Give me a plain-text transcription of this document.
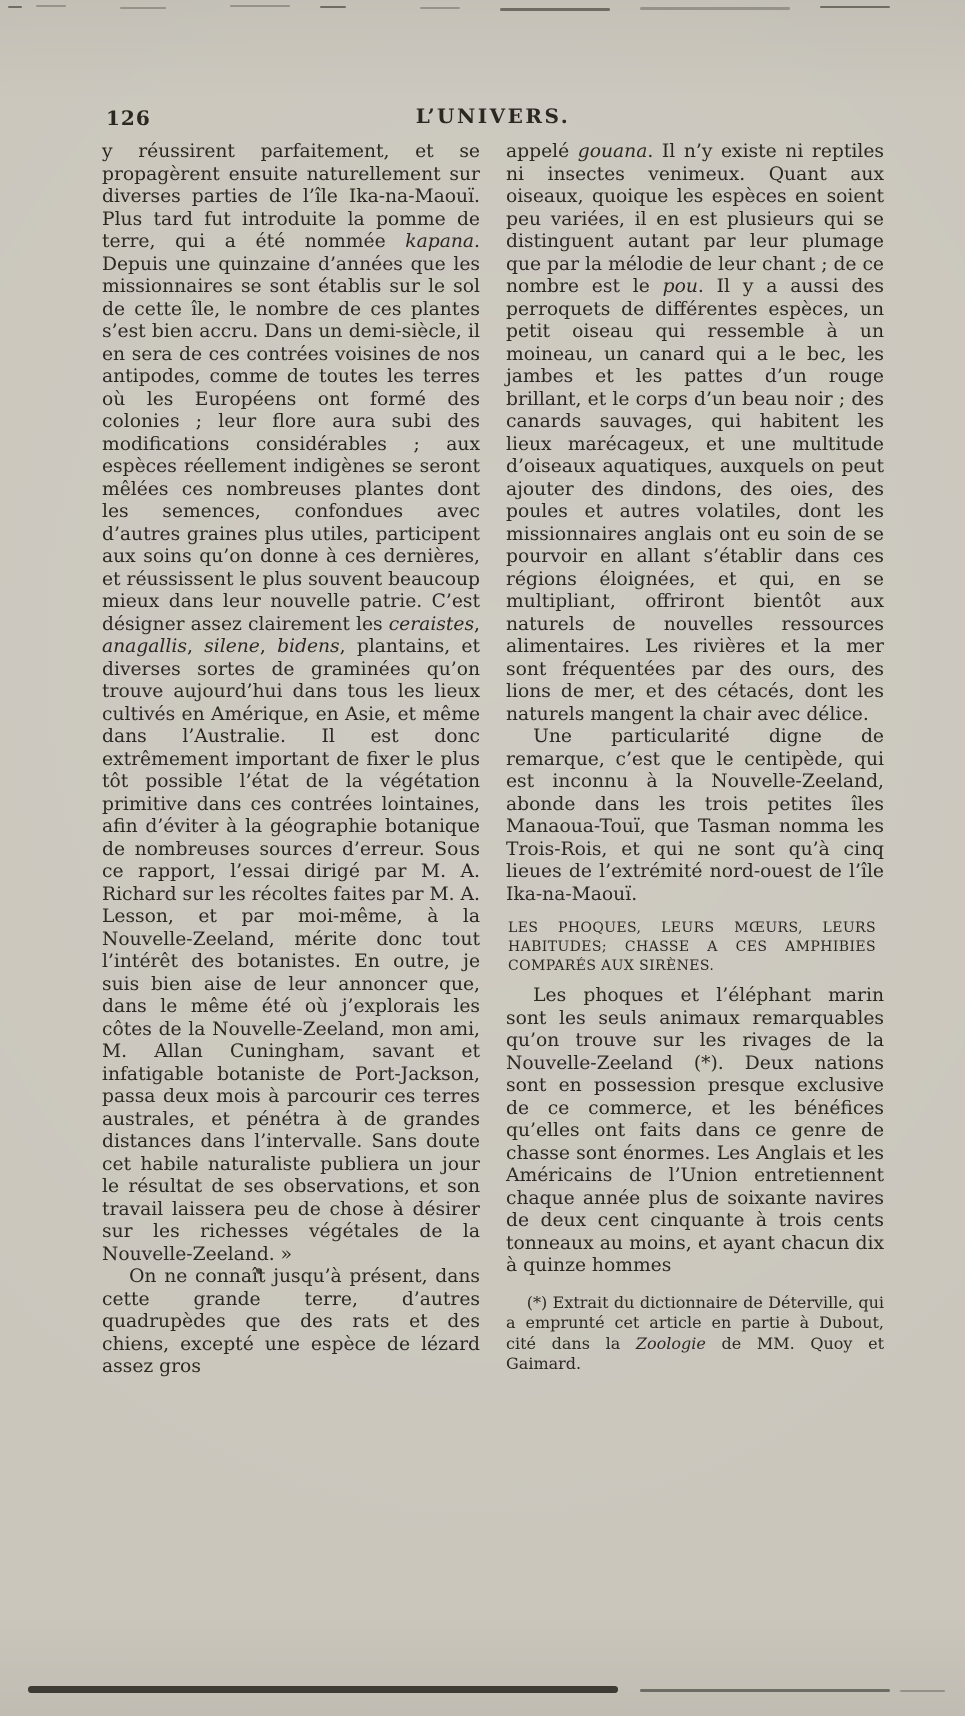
126	L’UNIVERS.

y réussirent parfaitement, et se propagèrent ensuite naturellement sur diverses parties de l’île Ika-na-Maouï. Plus tard fut introduite la pomme de terre, qui a été nommée kapana. Depuis une quinzaine d’années que les missionnaires se sont établis sur le sol de cette île, le nombre de ces plantes s’est bien accru. Dans un demi-siècle, il en sera de ces contrées voisines de nos antipodes, comme de toutes les terres où les Européens ont formé des colonies ; leur flore aura subi des modifications considérables ; aux espèces réellement indigènes se seront mêlées ces nombreuses plantes dont les semences, confondues avec d’autres graines plus utiles, participent aux soins qu’on donne à ces dernières, et réussissent le plus souvent beaucoup mieux dans leur nouvelle patrie. C’est désigner assez clairement les ceraistes, anagallis, silene, bidens, plantains, et diverses sortes de graminées qu’on trouve aujourd’hui dans tous les lieux cultivés en Amérique, en Asie, et même dans l’Australie. Il est donc extrêmement important de fixer le plus tôt possible l’état de la végétation primitive dans ces contrées lointaines, afin d’éviter à la géographie botanique de nombreuses sources d’erreur. Sous ce rapport, l’essai dirigé par M. A. Richard sur les récoltes faites par M. A. Lesson, et par moi-même, à la Nouvelle-Zeeland, mérite donc tout l’intérêt des botanistes. En outre, je suis bien aise de leur annoncer que, dans le même été où j’explorais les côtes de la Nouvelle-Zeeland, mon ami, M. Allan Cuningham, savant et infatigable botaniste de Port-Jackson, passa deux mois à parcourir ces terres australes, et pénétra à de grandes distances dans l’intervalle. Sans doute cet habile naturaliste publiera un jour le résultat de ses observations, et son travail laissera peu de chose à désirer sur les richesses végétales de la Nouvelle-Zeeland. »

On ne connaît jusqu’à présent, dans cette grande terre, d’autres quadrupèdes que des rats et des chiens, excepté une espèce de lézard assez gros

appelé gouana. Il n’y existe ni reptiles ni insectes venimeux. Quant aux oiseaux, quoique les espèces en soient peu variées, il en est plusieurs qui se distinguent autant par leur plumage que par la mélodie de leur chant ; de ce nombre est le pou. Il y a aussi des perroquets de différentes espèces, un petit oiseau qui ressemble à un moineau, un canard qui a le bec, les jambes et les pattes d’un rouge brillant, et le corps d’un beau noir ; des canards sauvages, qui habitent les lieux marécageux, et une multitude d’oiseaux aquatiques, auxquels on peut ajouter des dindons, des oies, des poules et autres volatiles, dont les missionnaires anglais ont eu soin de se pourvoir en allant s’établir dans ces régions éloignées, et qui, en se multipliant, offriront bientôt aux naturels de nouvelles ressources alimentaires. Les rivières et la mer sont fréquentées par des ours, des lions de mer, et des cétacés, dont les naturels mangent la chair avec délice.

Une particularité digne de remarque, c’est que le centipède, qui est inconnu à la Nouvelle-Zeeland, abonde dans les trois petites îles Manaoua-Touï, que Tasman nomma les Trois-Rois, et qui ne sont qu’à cinq lieues de l’extrémité nord-ouest de l’île Ika-na-Maouï.

LES PHOQUES, LEURS MŒURS, LEURS HABITUDES; CHASSE A CES AMPHIBIES COMPARÉS AUX SIRÈNES.

Les phoques et l’éléphant marin sont les seuls animaux remarquables qu’on trouve sur les rivages de la Nouvelle-Zeeland (*). Deux nations sont en possession presque exclusive de ce commerce, et les bénéfices qu’elles ont faits dans ce genre de chasse sont énormes. Les Anglais et les Américains de l’Union entretiennent chaque année plus de soixante navires de deux cent cinquante à trois cents tonneaux au moins, et ayant chacun dix à quinze hommes

(*) Extrait du dictionnaire de Déterville, qui a emprunté cet article en partie à Dubout, cité dans la Zoologie de MM. Quoy et Gaimard.
